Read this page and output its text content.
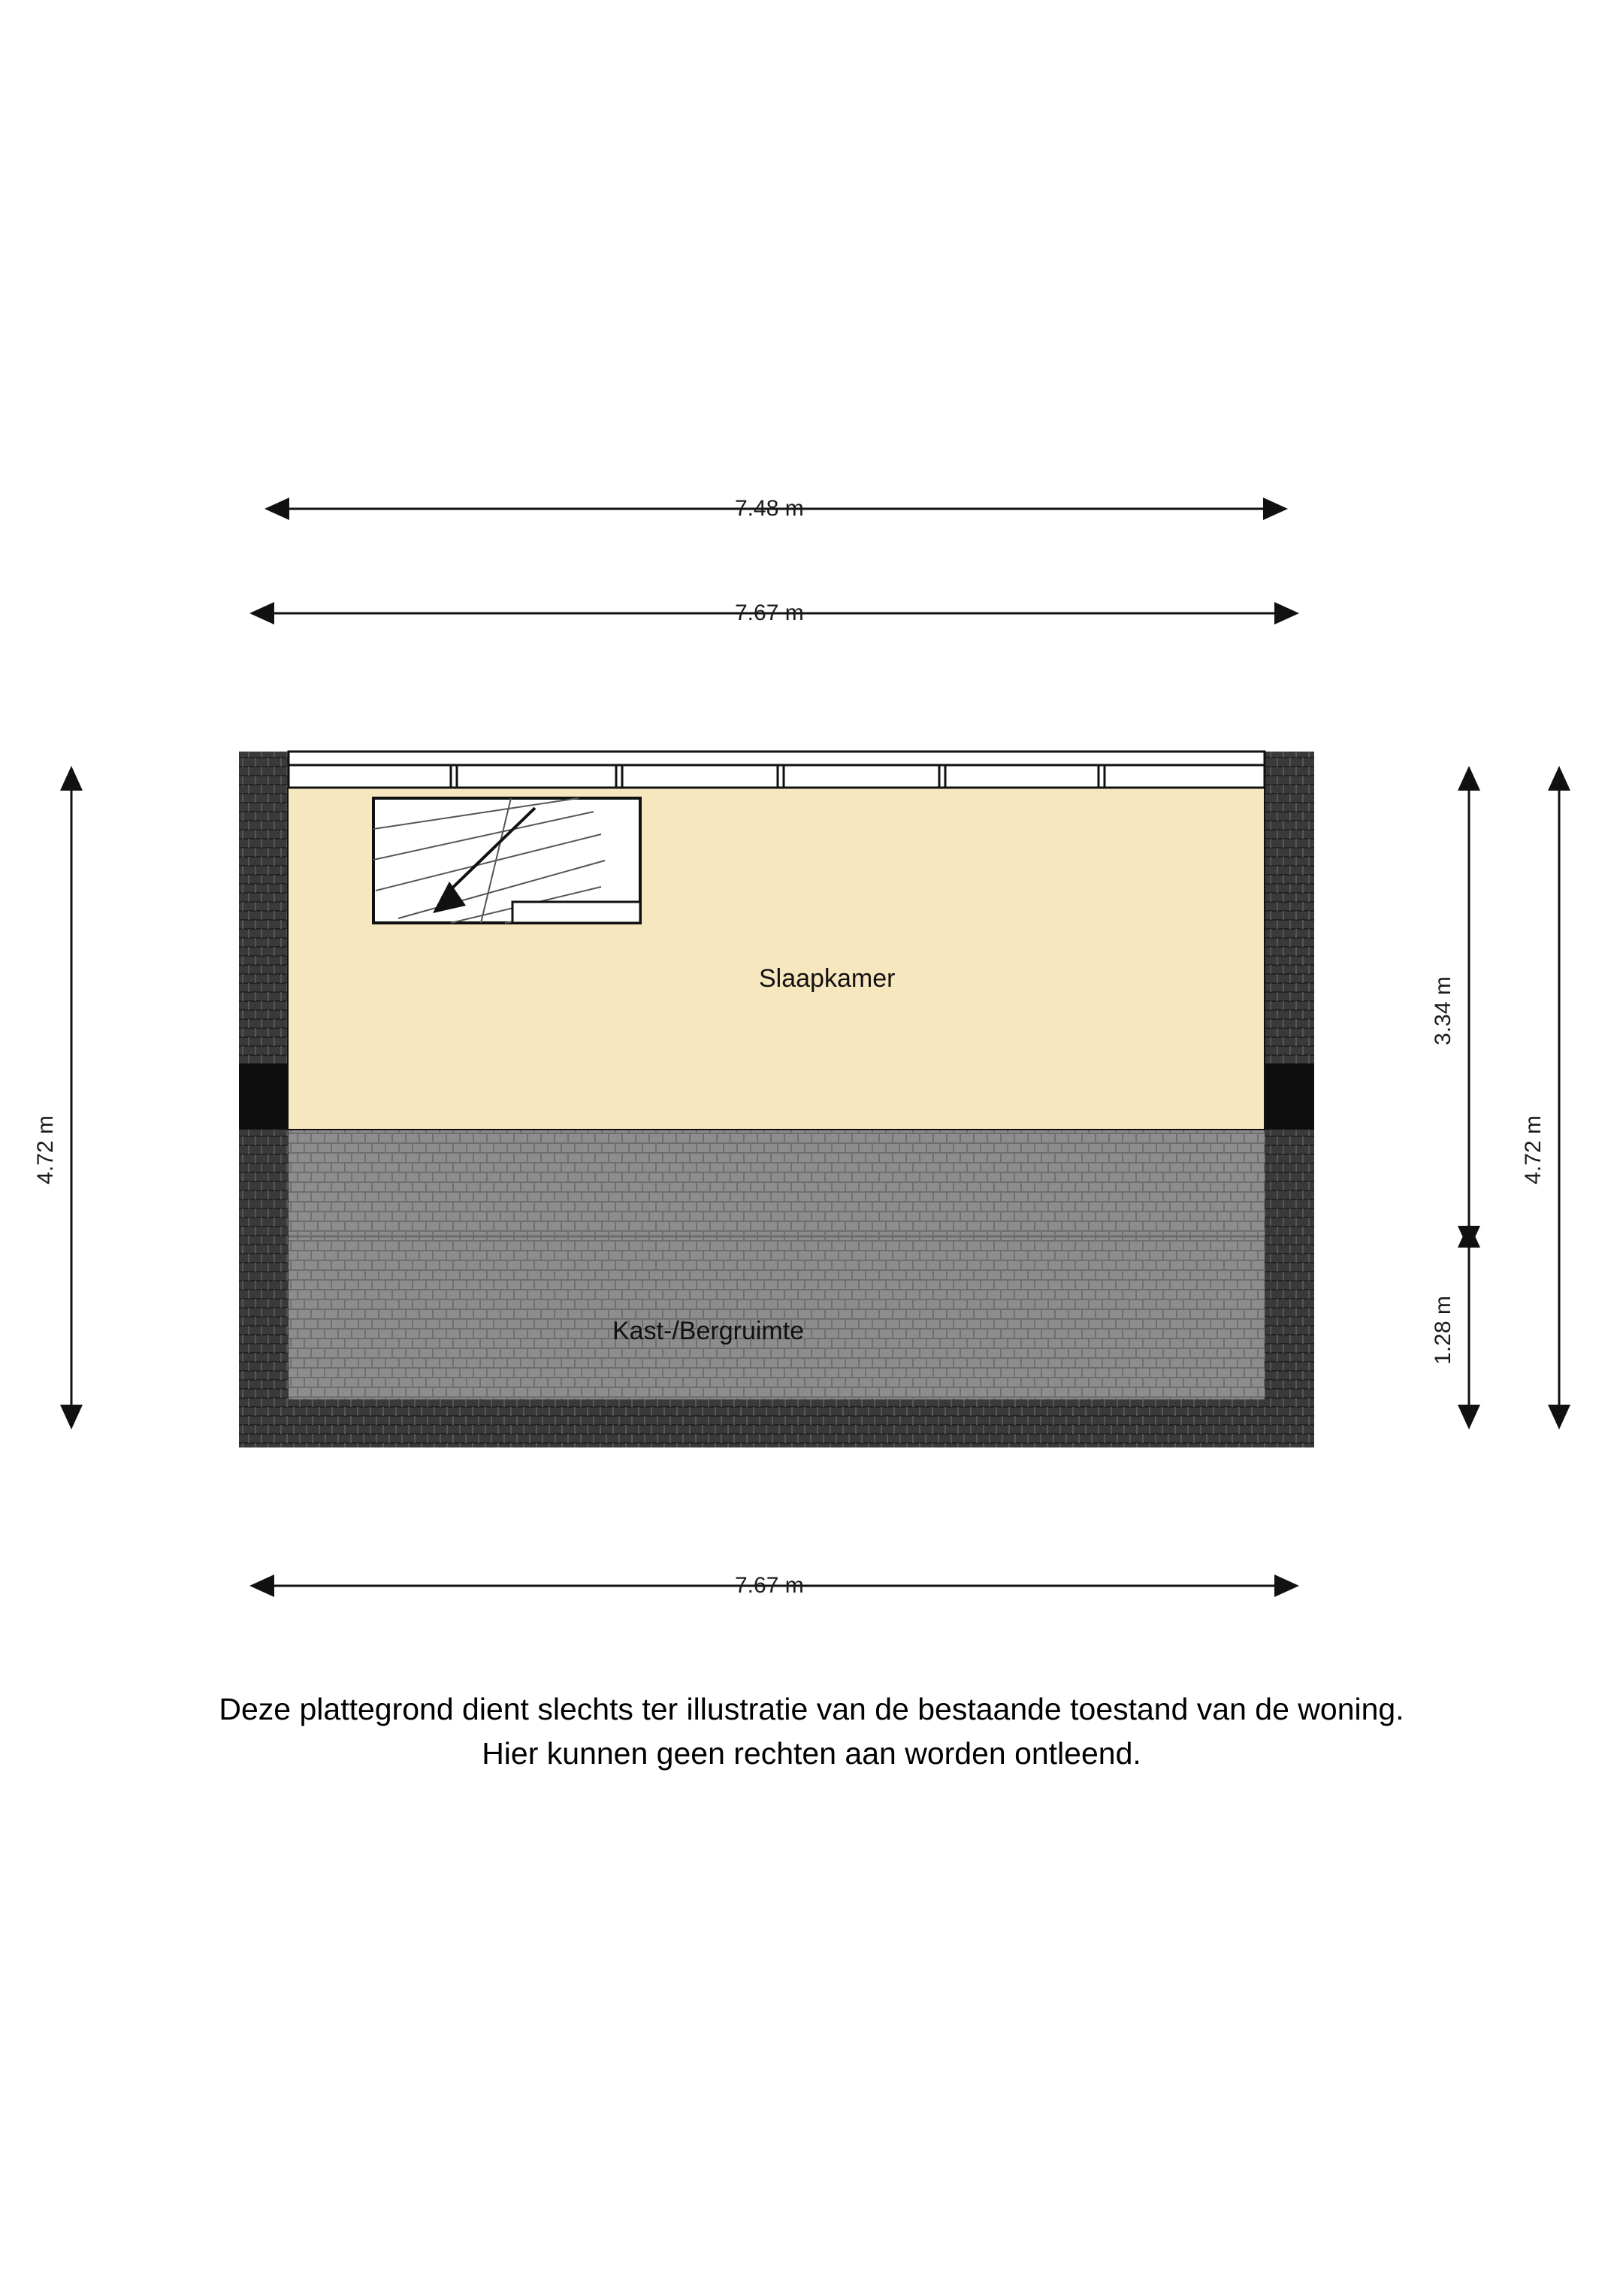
7.48 m
7.67 m
7.67 m
4.72 m
3.34 m
1.28 m
4.72 m
Slaapkamer
Kast-/Bergruimte
Deze plattegrond dient slechts ter illustratie van de bestaande toestand van de woning.
Hier kunnen geen rechten aan worden ontleend.
